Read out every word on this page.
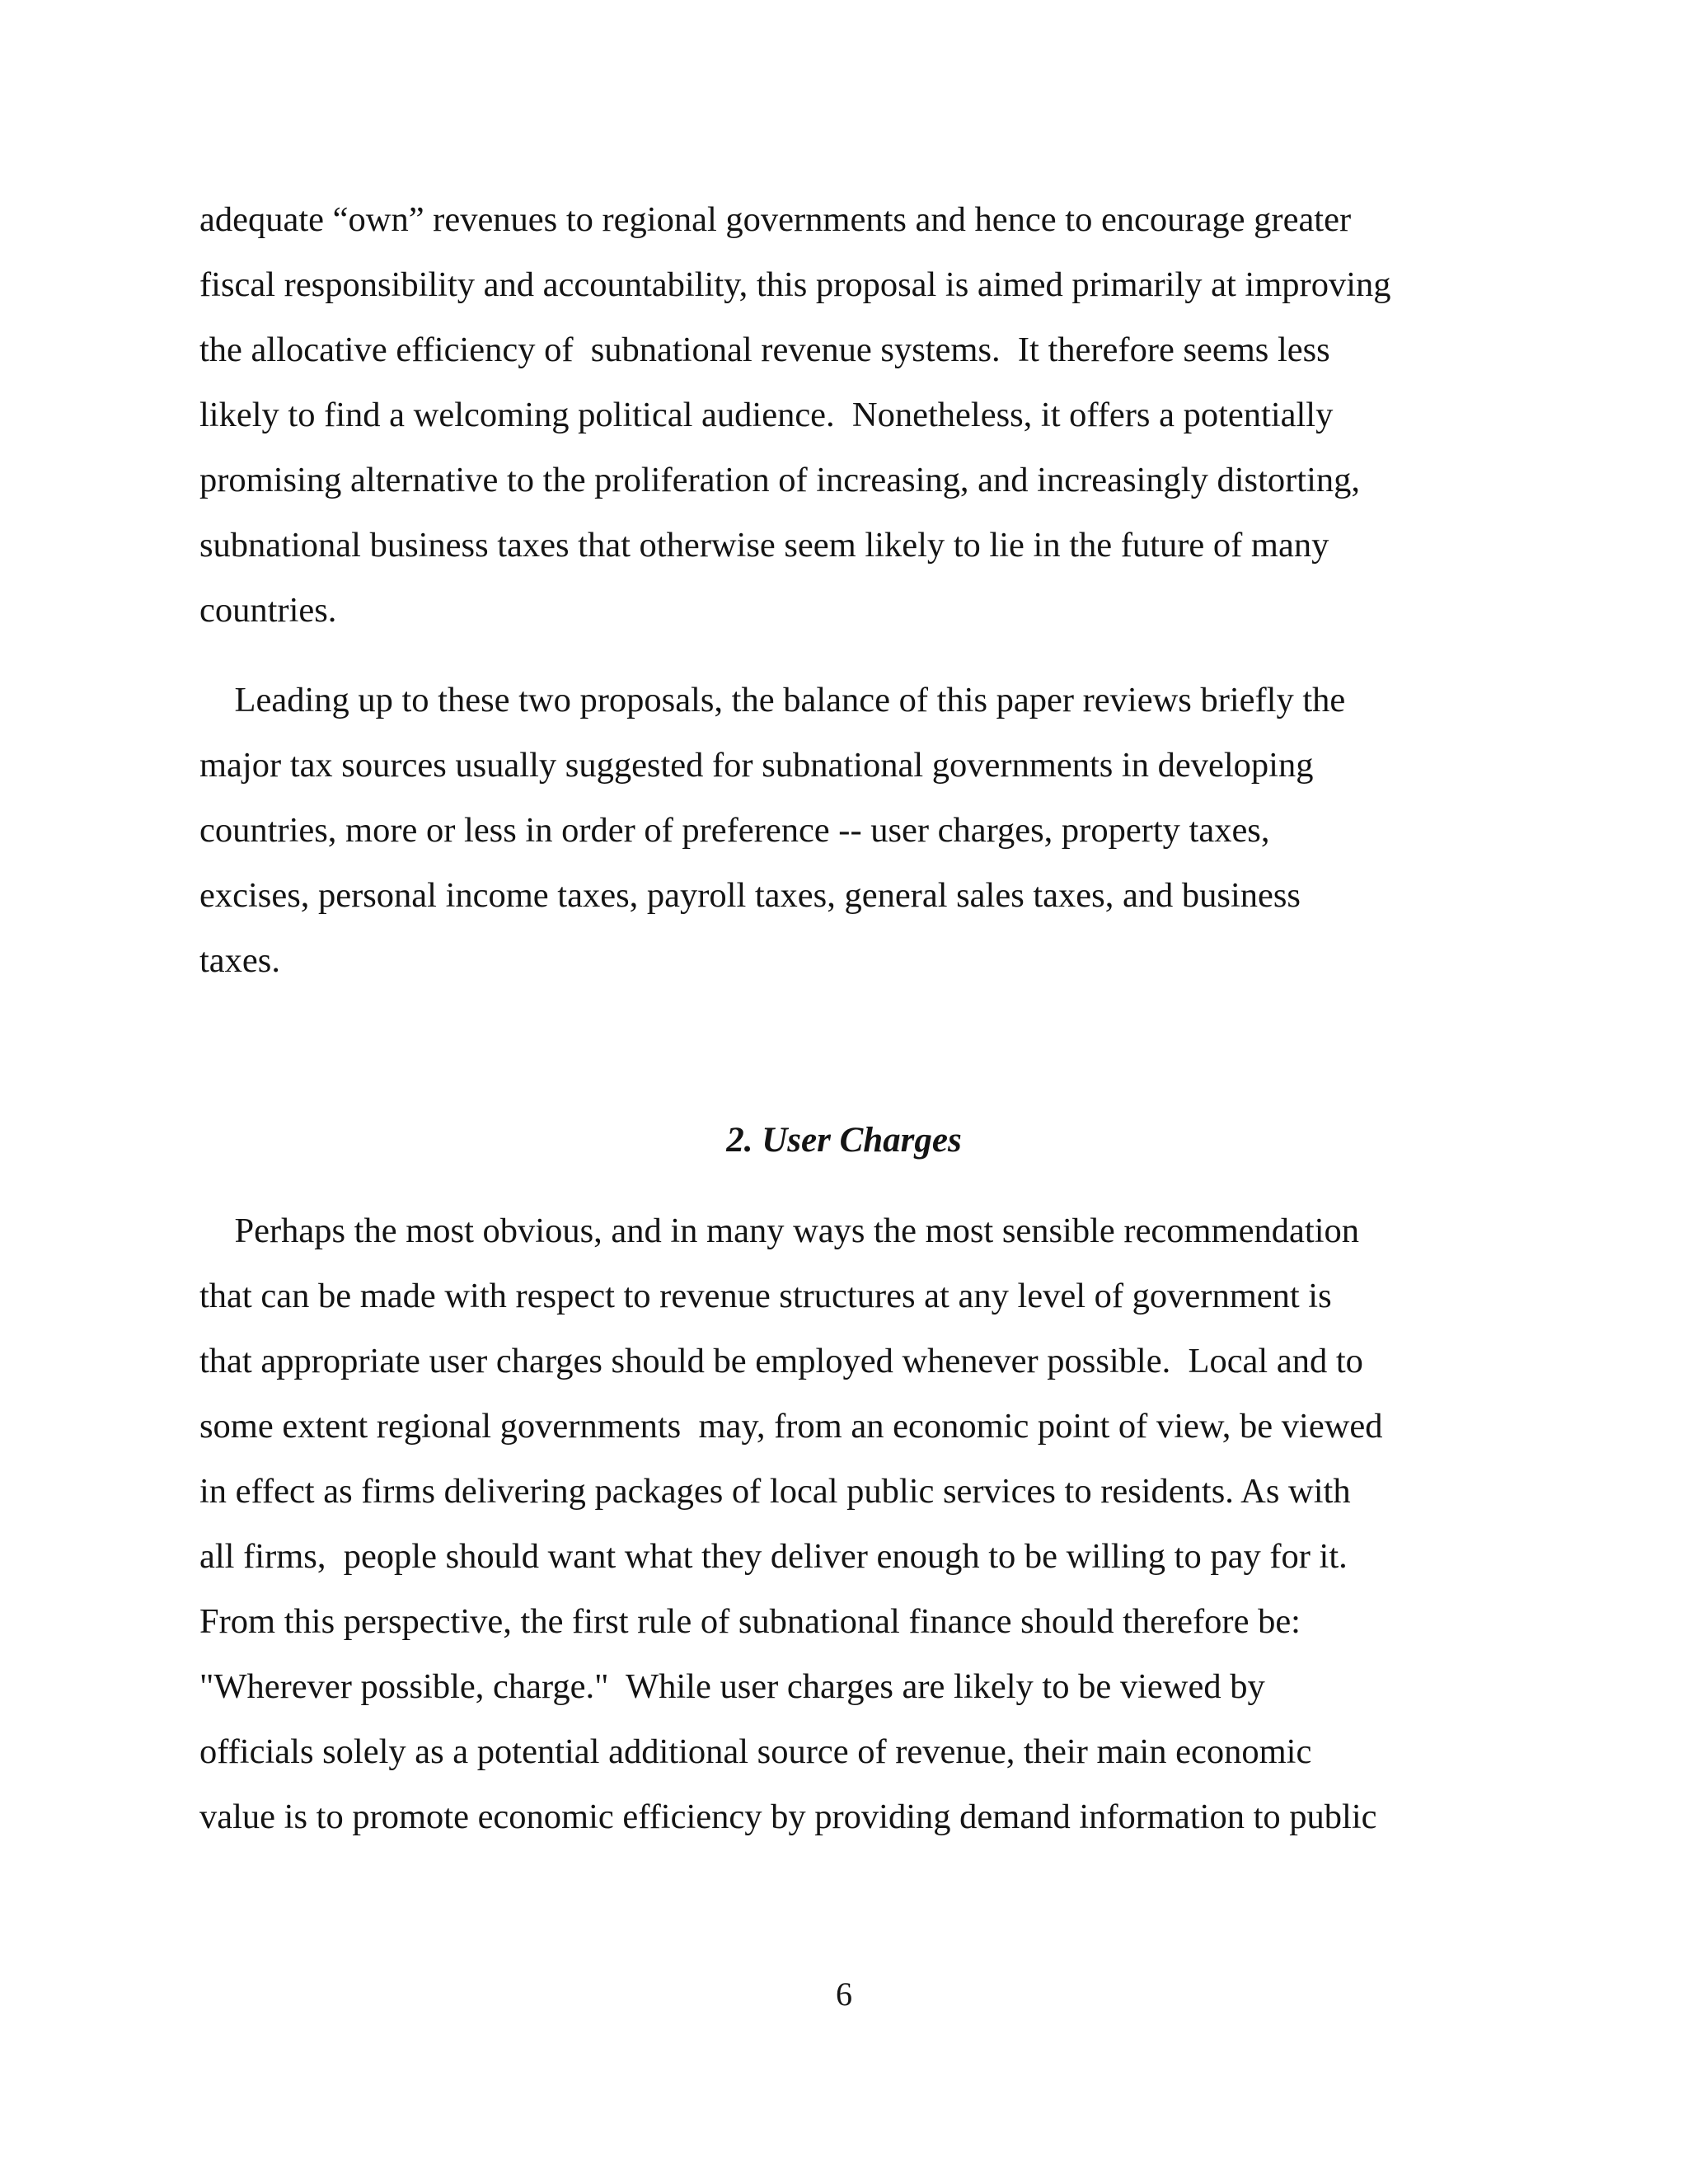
adequate “own” revenues to regional governments and hence to encourage greater
fiscal responsibility and accountability, this proposal is aimed primarily at improving
the allocative efficiency of  subnational revenue systems.  It therefore seems less
likely to find a welcoming political audience.  Nonetheless, it offers a potentially
promising alternative to the proliferation of increasing, and increasingly distorting,
subnational business taxes that otherwise seem likely to lie in the future of many
countries.
Leading up to these two proposals, the balance of this paper reviews briefly the
major tax sources usually suggested for subnational governments in developing
countries, more or less in order of preference -- user charges, property taxes,
excises, personal income taxes, payroll taxes, general sales taxes, and business
taxes.
2. User Charges
Perhaps the most obvious, and in many ways the most sensible recommendation
that can be made with respect to revenue structures at any level of government is
that appropriate user charges should be employed whenever possible.  Local and to
some extent regional governments  may, from an economic point of view, be viewed
in effect as firms delivering packages of local public services to residents. As with
all firms,  people should want what they deliver enough to be willing to pay for it.
From this perspective, the first rule of subnational finance should therefore be:
"Wherever possible, charge."  While user charges are likely to be viewed by
officials solely as a potential additional source of revenue, their main economic
value is to promote economic efficiency by providing demand information to public
6
